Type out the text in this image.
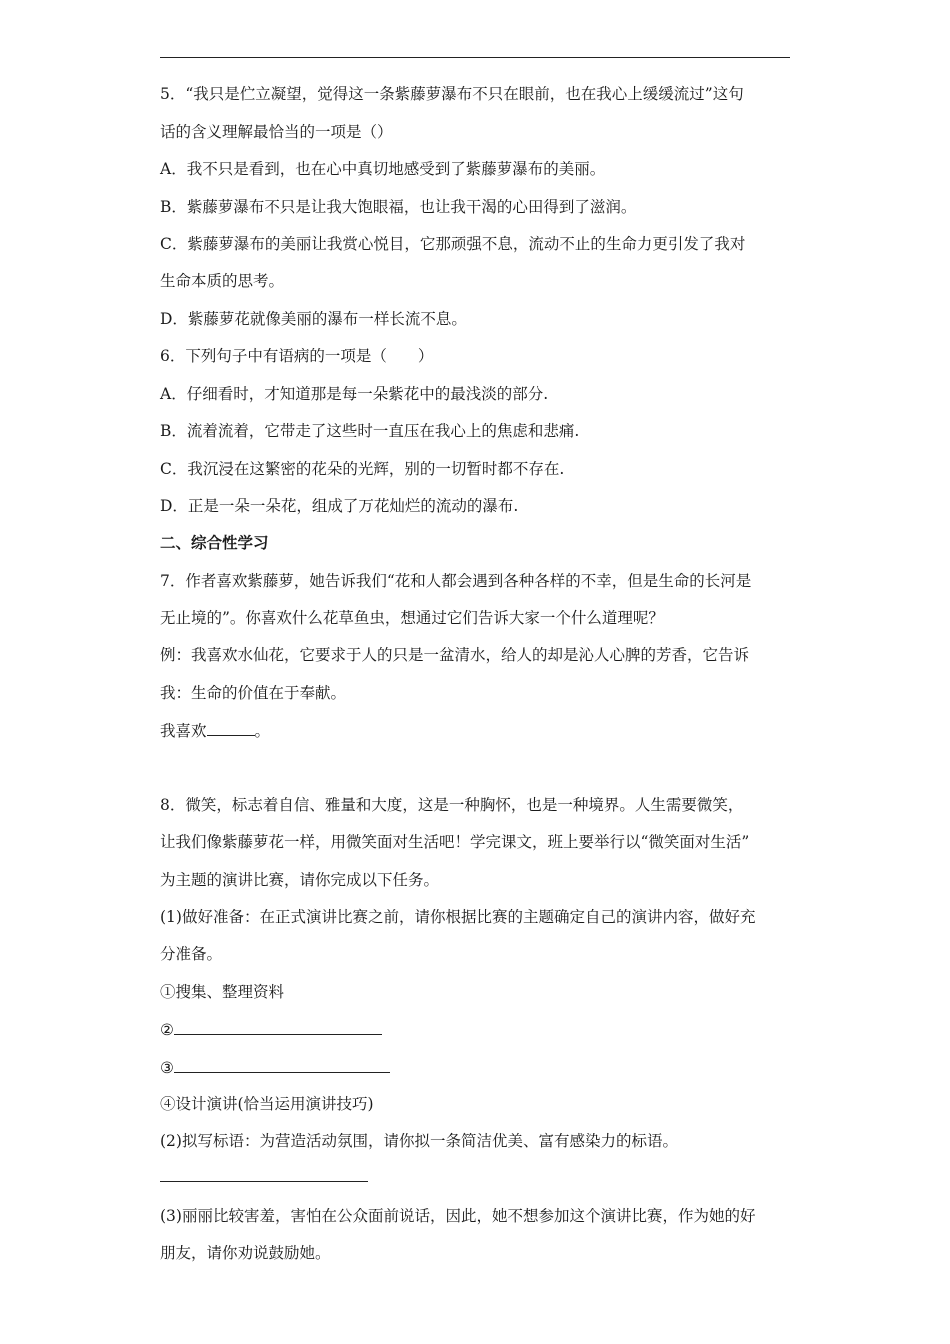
5．“我只是伫立凝望，觉得这一条紫藤萝瀑布不只在眼前，也在我心上缓缓流过”这句
话的含义理解最恰当的一项是（）
A．我不只是看到，也在心中真切地感受到了紫藤萝瀑布的美丽。
B．紫藤萝瀑布不只是让我大饱眼福，也让我干渴的心田得到了滋润。
C．紫藤萝瀑布的美丽让我赏心悦目，它那顽强不息，流动不止的生命力更引发了我对
生命本质的思考。
D．紫藤萝花就像美丽的瀑布一样长流不息。
6．下列句子中有语病的一项是（　　）
A．仔细看时，才知道那是每一朵紫花中的最浅淡的部分.
B．流着流着，它带走了这些时一直压在我心上的焦虑和悲痛.
C．我沉浸在这繁密的花朵的光辉，别的一切暂时都不存在.
D．正是一朵一朵花，组成了万花灿烂的流动的瀑布.
二、综合性学习
7．作者喜欢紫藤萝，她告诉我们“花和人都会遇到各种各样的不幸，但是生命的长河是
无止境的”。你喜欢什么花草鱼虫，想通过它们告诉大家一个什么道理呢？
例：我喜欢水仙花，它要求于人的只是一盆清水，给人的却是沁人心脾的芳香，它告诉
我：生命的价值在于奉献。
我喜欢	。
8．微笑，标志着自信、雅量和大度，这是一种胸怀，也是一种境界。人生需要微笑，
让我们像紫藤萝花一样，用微笑面对生活吧！学完课文，班上要举行以“微笑面对生活”
为主题的演讲比赛，请你完成以下任务。
(1)做好准备：在正式演讲比赛之前，请你根据比赛的主题确定自己的演讲内容，做好充
分准备。
①搜集、整理资料
②
③
④设计演讲(恰当运用演讲技巧)
(2)拟写标语：为营造活动氛围，请你拟一条简洁优美、富有感染力的标语。
(3)丽丽比较害羞，害怕在公众面前说话，因此，她不想参加这个演讲比赛，作为她的好
朋友，请你劝说鼓励她。
